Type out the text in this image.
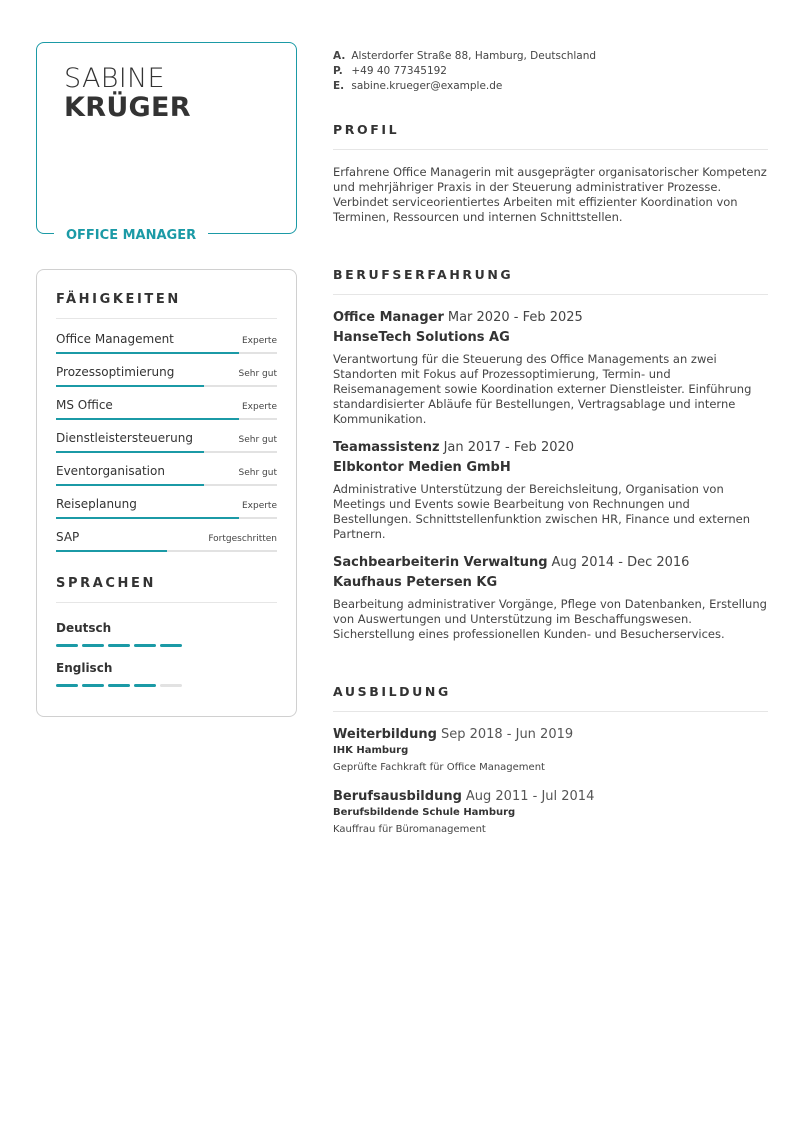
SABINE
KRÜGER
OFFICE MANAGER
FÄHIGKEITEN
Office Management	Experte
Prozessoptimierung	Sehr gut
MS Office	Experte
Dienstleistersteuerung	Sehr gut
Eventorganisation	Sehr gut
Reiseplanung	Experte
SAP	Fortgeschritten
SPRACHEN
Deutsch
Englisch
A. Alsterdorfer Straße 88, Hamburg, Deutschland
P. +49 40 77345192
E. sabine.krueger@example.de
PROFIL
Erfahrene Office Managerin mit ausgeprägter organisatorischer Kompetenz und mehrjähriger Praxis in der Steuerung administrativer Prozesse. Verbindet serviceorientiertes Arbeiten mit effizienter Koordination von Terminen, Ressourcen und internen Schnittstellen.
BERUFSERFAHRUNG
Office Manager Mar 2020 - Feb 2025
HanseTech Solutions AG
Verantwortung für die Steuerung des Office Managements an zwei Standorten mit Fokus auf Prozessoptimierung, Termin- und Reisemanagement sowie Koordination externer Dienstleister. Einführung standardisierter Abläufe für Bestellungen, Vertragsablage und interne Kommunikation.
Teamassistenz Jan 2017 - Feb 2020
Elbkontor Medien GmbH
Administrative Unterstützung der Bereichsleitung, Organisation von Meetings und Events sowie Bearbeitung von Rechnungen und Bestellungen. Schnittstellenfunktion zwischen HR, Finance und externen Partnern.
Sachbearbeiterin Verwaltung Aug 2014 - Dec 2016
Kaufhaus Petersen KG
Bearbeitung administrativer Vorgänge, Pflege von Datenbanken, Erstellung von Auswertungen und Unterstützung im Beschaffungswesen. Sicherstellung eines professionellen Kunden- und Besucherservices.
AUSBILDUNG
Weiterbildung Sep 2018 - Jun 2019
IHK Hamburg
Geprüfte Fachkraft für Office Management
Berufsausbildung Aug 2011 - Jul 2014
Berufsbildende Schule Hamburg
Kauffrau für Büromanagement
